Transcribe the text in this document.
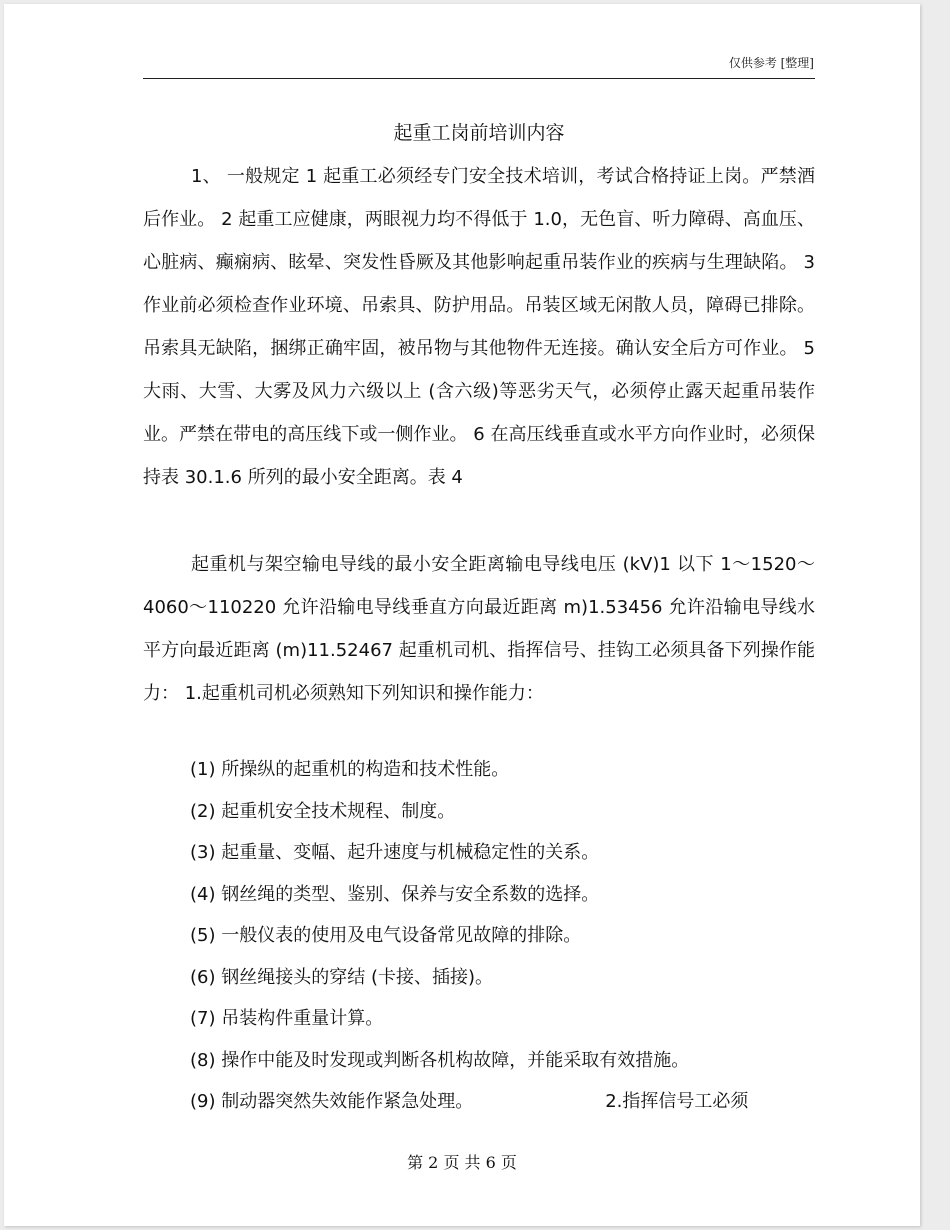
仅供参考 [整理]
起重工岗前培训内容

1、 一般规定 1 起重工必须经专门安全技术培训，考试合格持证上岗。严禁酒后作业。 2 起重工应健康，两眼视力均不得低于 1.0，无色盲、听力障碍、高血压、心脏病、癫痫病、眩晕、突发性昏厥及其他影响起重吊装作业的疾病与生理缺陷。 3 作业前必须检查作业环境、吊索具、防护用品。吊装区域无闲散人员，障碍已排除。吊索具无缺陷，捆绑正确牢固，被吊物与其他物件无连接。确认安全后方可作业。 5 大雨、大雪、大雾及风力六级以上 (含六级)等恶劣天气，必须停止露天起重吊装作业。严禁在带电的高压线下或一侧作业。 6 在高压线垂直或水平方向作业时，必须保持表 30.1.6 所列的最小安全距离。表 4

起重机与架空输电导线的最小安全距离输电导线电压 (kV)1 以下 1～1520～4060～110220 允许沿输电导线垂直方向最近距离 m)1.53456 允许沿输电导线水平方向最近距离 (m)11.52467 起重机司机、指挥信号、挂钩工必须具备下列操作能力： 1.起重机司机必须熟知下列知识和操作能力：

(1) 所操纵的起重机的构造和技术性能。
(2) 起重机安全技术规程、制度。
(3) 起重量、变幅、起升速度与机械稳定性的关系。
(4) 钢丝绳的类型、鉴别、保养与安全系数的选择。
(5) 一般仪表的使用及电气设备常见故障的排除。
(6) 钢丝绳接头的穿结 (卡接、插接)。
(7) 吊装构件重量计算。
(8) 操作中能及时发现或判断各机构故障，并能采取有效措施。
(9) 制动器突然失效能作紧急处理。	2.指挥信号工必须
第 2 页 共 6 页
